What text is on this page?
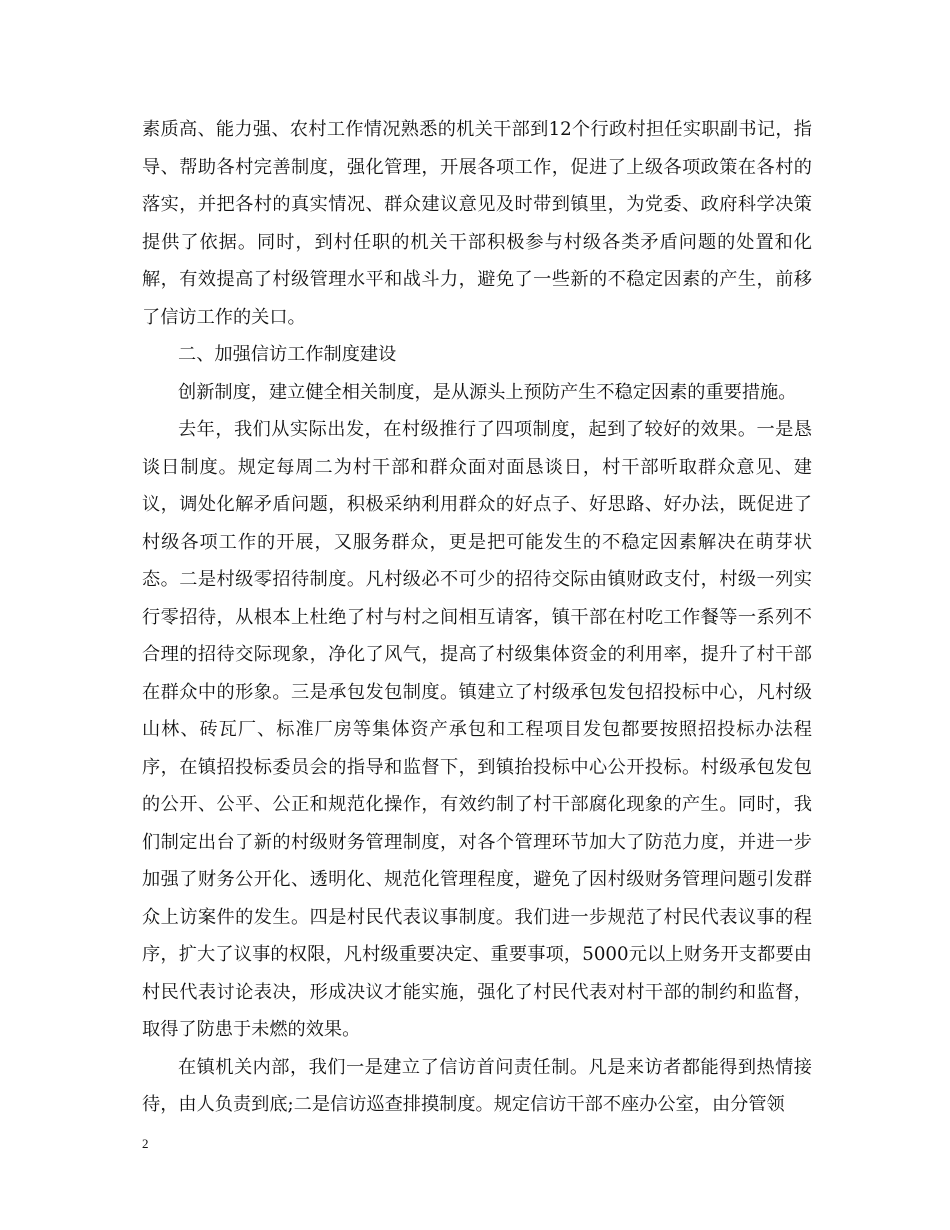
素质高、能力强、农村工作情况熟悉的机关干部到12个行政村担任实职副书记，指导、帮助各村完善制度，强化管理，开展各项工作，促进了上级各项政策在各村的落实，并把各村的真实情况、群众建议意见及时带到镇里，为党委、政府科学决策提供了依据。同时，到村任职的机关干部积极参与村级各类矛盾问题的处置和化解，有效提高了村级管理水平和战斗力，避免了一些新的不稳定因素的产生，前移了信访工作的关口。

二、加强信访工作制度建设

创新制度，建立健全相关制度，是从源头上预防产生不稳定因素的重要措施。

去年，我们从实际出发，在村级推行了四项制度，起到了较好的效果。一是恳谈日制度。规定每周二为村干部和群众面对面恳谈日，村干部听取群众意见、建议，调处化解矛盾问题，积极采纳利用群众的好点子、好思路、好办法，既促进了村级各项工作的开展，又服务群众，更是把可能发生的不稳定因素解决在萌芽状态。二是村级零招待制度。凡村级必不可少的招待交际由镇财政支付，村级一列实行零招待，从根本上杜绝了村与村之间相互请客，镇干部在村吃工作餐等一系列不合理的招待交际现象，净化了风气，提高了村级集体资金的利用率，提升了村干部在群众中的形象。三是承包发包制度。镇建立了村级承包发包招投标中心，凡村级山林、砖瓦厂、标准厂房等集体资产承包和工程项目发包都要按照招投标办法程序，在镇招投标委员会的指导和监督下，到镇抬投标中心公开投标。村级承包发包的公开、公平、公正和规范化操作，有效约制了村干部腐化现象的产生。同时，我们制定出台了新的村级财务管理制度，对各个管理环节加大了防范力度，并进一步加强了财务公开化、透明化、规范化管理程度，避免了因村级财务管理问题引发群众上访案件的发生。四是村民代表议事制度。我们进一步规范了村民代表议事的程序，扩大了议事的权限，凡村级重要决定、重要事项，5000元以上财务开支都要由村民代表讨论表决，形成决议才能实施，强化了村民代表对村干部的制约和监督，取得了防患于未燃的效果。

在镇机关内部，我们一是建立了信访首问责任制。凡是来访者都能得到热情接待，由人负责到底;二是信访巡查排摸制度。规定信访干部不座办公室，由分管领

2
